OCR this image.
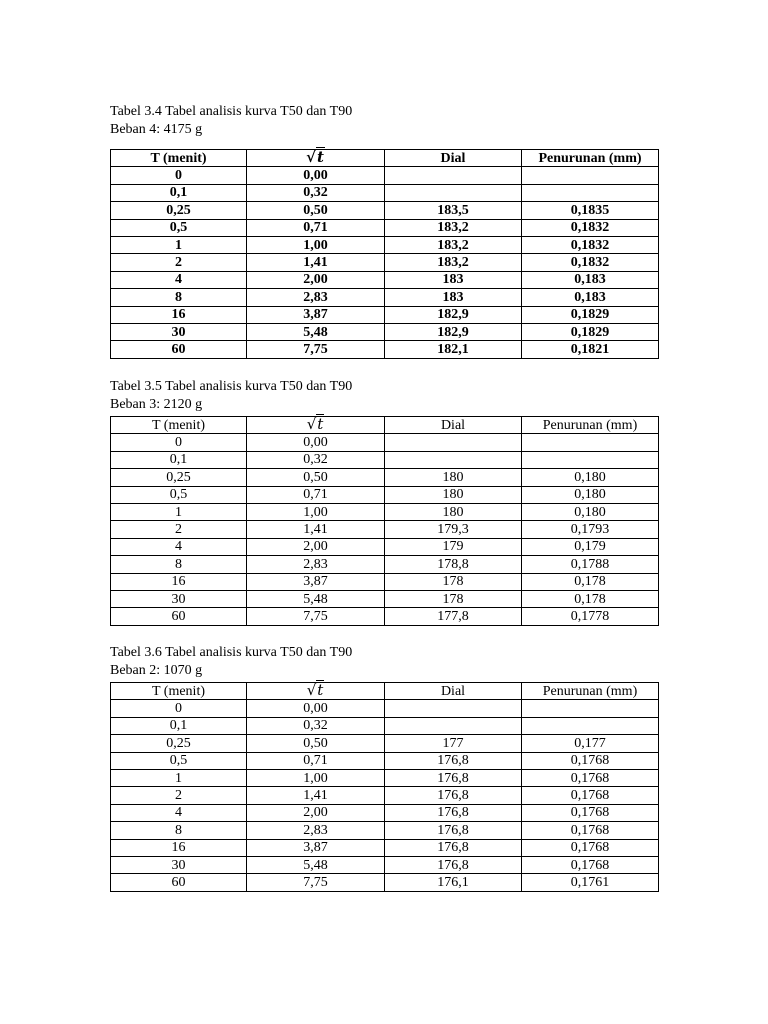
Tabel 3.4 Tabel analisis kurva T50 dan T90
Beban 4: 4175 g
T (menit)	√t	Dial	Penurunan (mm)
0	0,00		
0,1	0,32		
0,25	0,50	183,5	0,1835
0,5	0,71	183,2	0,1832
1	1,00	183,2	0,1832
2	1,41	183,2	0,1832
4	2,00	183	0,183
8	2,83	183	0,183
16	3,87	182,9	0,1829
30	5,48	182,9	0,1829
60	7,75	182,1	0,1821
Tabel 3.5 Tabel analisis kurva T50 dan T90
Beban 3: 2120 g
T (menit)	√t	Dial	Penurunan (mm)
0	0,00		
0,1	0,32		
0,25	0,50	180	0,180
0,5	0,71	180	0,180
1	1,00	180	0,180
2	1,41	179,3	0,1793
4	2,00	179	0,179
8	2,83	178,8	0,1788
16	3,87	178	0,178
30	5,48	178	0,178
60	7,75	177,8	0,1778
Tabel 3.6 Tabel analisis kurva T50 dan T90
Beban 2: 1070 g
T (menit)	√t	Dial	Penurunan (mm)
0	0,00		
0,1	0,32		
0,25	0,50	177	0,177
0,5	0,71	176,8	0,1768
1	1,00	176,8	0,1768
2	1,41	176,8	0,1768
4	2,00	176,8	0,1768
8	2,83	176,8	0,1768
16	3,87	176,8	0,1768
30	5,48	176,8	0,1768
60	7,75	176,1	0,1761
